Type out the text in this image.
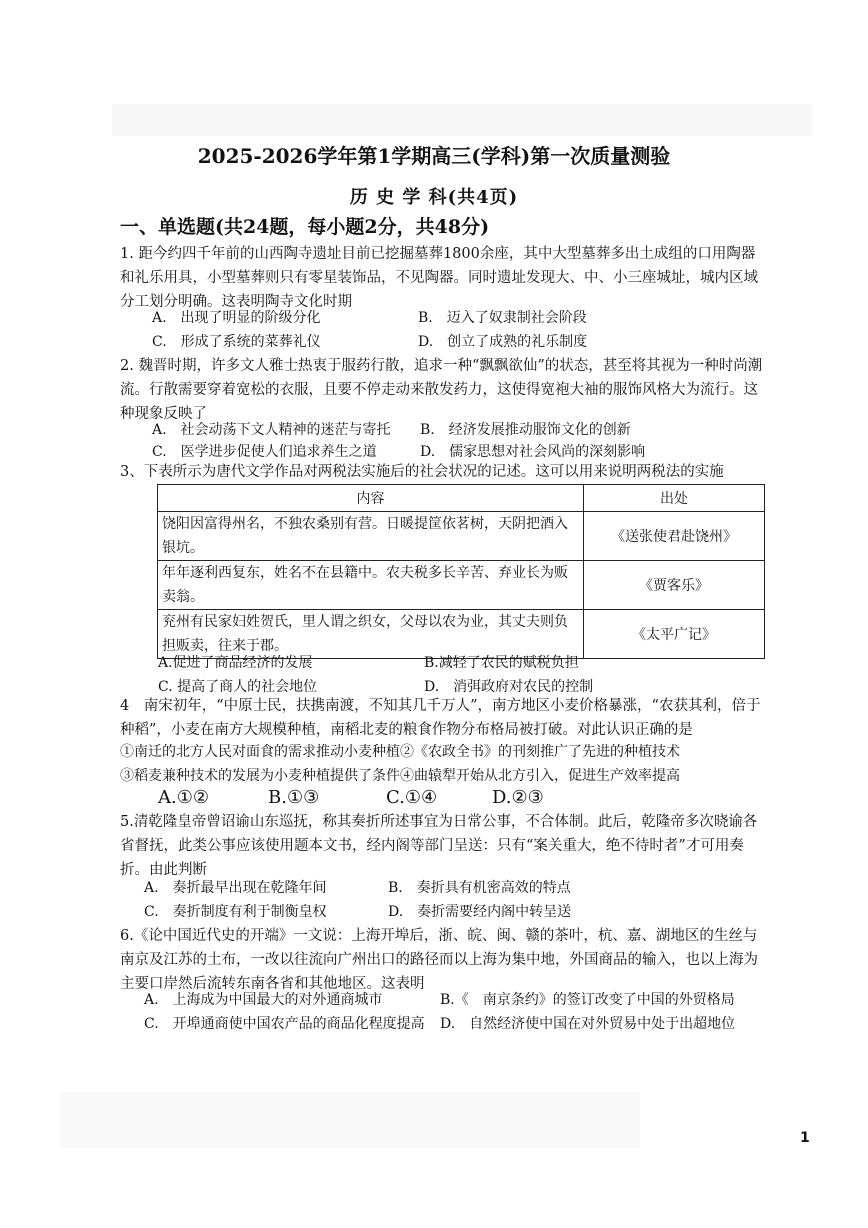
2025-2026学年第1学期高三(学科)第一次质量测验
历 史 学 科(共4页)
一、单选题(共24题，每小题2分，共48分)
1. 距今约四千年前的山西陶寺遗址目前已挖掘墓葬1800余座，其中大型墓葬多出土成组的口用陶器和礼乐用具，小型墓葬则只有零星装饰品，不见陶器。同时遗址发现大、中、小三座城址，城内区域分工划分明确。这表明陶寺文化时期
A.　出现了明显的阶级分化	B.　迈入了奴隶制社会阶段
C.　形成了系统的菜葬礼仪	D.　创立了成熟的礼乐制度
2. 魏晋时期，许多文人雅士热衷于服药行散，追求一种“飘飘欲仙”的状态，甚至将其视为一种时尚潮流。行散需要穿着宽松的衣服，且要不停走动来散发药力，这使得宽袍大袖的服饰风格大为流行。这种现象反映了
A.　社会动荡下文人精神的迷茫与寄托 B.　经济发展推动服饰文化的创新
C.　医学进步促使人们追求养生之道	D.　儒家思想对社会风尚的深刻影响
3、下表所示为唐代文学作品对两税法实施后的社会状况的记述。这可以用来说明两税法的实施
内容	出处
饶阳因富得州名，不独农桑别有营。日暖提筐依茗树，天阴把酒入银坑。	《送张使君赴饶州》
年年逐利西复东，姓名不在县籍中。农夫税多长辛苦、弃业长为贩卖翁。	《贾客乐》
兖州有民家妇姓贺氏，里人谓之织女，父母以农为业，其丈夫则负担贩卖，往来于郡。	《太平广记》
A.促进了商品经济的发展	B.减轻了农民的赋税负担
C. 提高了商人的社会地位	D.　消弭政府对农民的控制
4　南宋初年，“中原士民，扶携南渡，不知其几千万人”，南方地区小麦价格暴涨，“农获其利，倍于种稻”，小麦在南方大规模种植，南稻北麦的粮食作物分布格局被打破。对此认识正确的是
①南迁的北方人民对面食的需求推动小麦种植②《农政全书》的刊刻推广了先进的种植技术
③稻麦兼种技术的发展为小麦种植提供了条件④曲辕犁开始从北方引入，促进生产效率提高
A.①②	B.①③	C.①④	D.②③
5.清乾隆皇帝曾诏谕山东巡抚，称其奏折所述事宜为日常公事，不合体制。此后，乾隆帝多次晓谕各省督抚，此类公事应该使用题本文书，经内阁等部门呈送：只有“案关重大，绝不待时者”才可用奏折。由此判断
A.　奏折最早出现在乾隆年间	B.　奏折具有机密高效的特点
C.　奏折制度有利于制衡皇权	D.　奏折需要经内阁中转呈送
6.《论中国近代史的开端》一文说：上海开埠后，浙、皖、闽、赣的茶叶，杭、嘉、湖地区的生丝与南京及江苏的土布，一改以往流向广州出口的路径而以上海为集中地，外国商品的输入，也以上海为主要口岸然后流转东南各省和其他地区。这表明
A.　上海成为中国最大的对外通商城市	B.《　南京条约》的签订改变了中国的外贸格局
C.　开埠通商使中国农产品的商品化程度提高 D.　自然经济使中国在对外贸易中处于出超地位
1
